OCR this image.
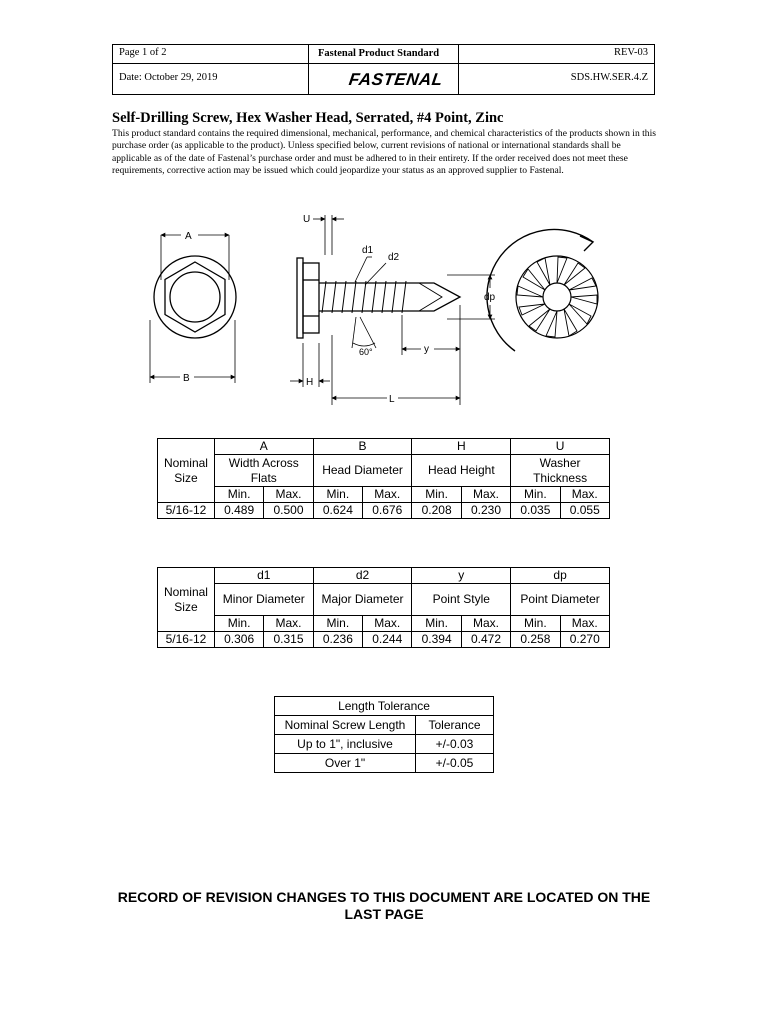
Page 1 of 2	Fastenal Product Standard	REV-03
Date: October 29, 2019	FASTENAL	SDS.HW.SER.4.Z
Self-Drilling Screw, Hex Washer Head, Serrated, #4 Point, Zinc
This product standard contains the required dimensional, mechanical, performance, and chemical characteristics of the products shown in this purchase order (as applicable to the product). Unless specified below, current revisions of national or international standards shall be applicable as of the date of Fastenal’s purchase order and must be adhered to in their entirety. If the order received does not meet these requirements, corrective action may be issued which could jeopardize your status as an approved supplier to Fastenal.
A
B
U
d1
d2
dp
60°	y
H
L
Nominal Size	A		B		H		U	
	Width Across Flats		Head Diameter		Head Height		Washer Thickness	
	Min.	Max.	Min.	Max.	Min.	Max.	Min.	Max.
5/16-12	0.489	0.500	0.624	0.676	0.208	0.230	0.035	0.055
Nominal Size	d1		d2		y		dp	
	Minor Diameter		Major Diameter		Point Style		Point Diameter	
	Min.	Max.	Min.	Max.	Min.	Max.	Min.	Max.
5/16-12	0.306	0.315	0.236	0.244	0.394	0.472	0.258	0.270
Length Tolerance	
Nominal Screw Length	Tolerance
Up to 1", inclusive	+/-0.03
Over 1"	+/-0.05
RECORD OF REVISION CHANGES TO THIS DOCUMENT ARE LOCATED ON THE LAST PAGE
